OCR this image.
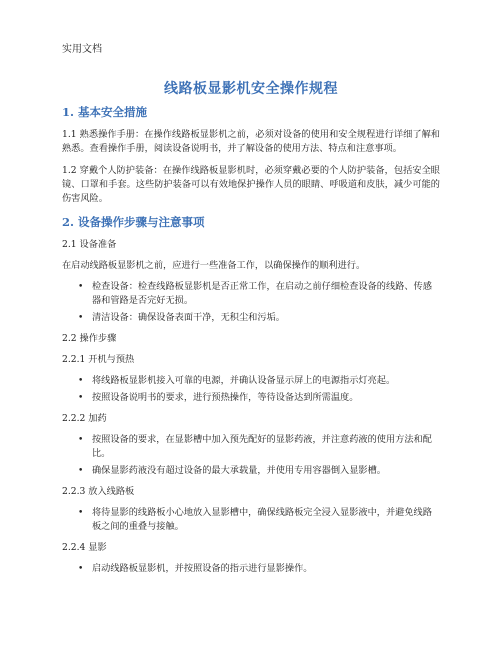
实用文档
线路板显影机安全操作规程
1. 基本安全措施

1.1 熟悉操作手册：在操作线路板显影机之前，必须对设备的使用和安全规程进行详细了解和熟悉。查看操作手册，阅读设备说明书，并了解设备的使用方法、特点和注意事项。

1.2 穿戴个人防护装备：在操作线路板显影机时，必须穿戴必要的个人防护装备，包括安全眼镜、口罩和手套。这些防护装备可以有效地保护操作人员的眼睛、呼吸道和皮肤，减少可能的伤害风险。

2. 设备操作步骤与注意事项

2.1 设备准备

在启动线路板显影机之前，应进行一些准备工作，以确保操作的顺利进行。

• 检查设备：检查线路板显影机是否正常工作，在启动之前仔细检查设备的线路、传感器和管路是否完好无损。
• 清洁设备：确保设备表面干净，无积尘和污垢。

2.2 操作步骤

2.2.1 开机与预热

• 将线路板显影机接入可靠的电源，并确认设备显示屏上的电源指示灯亮起。
• 按照设备说明书的要求，进行预热操作，等待设备达到所需温度。

2.2.2 加药

• 按照设备的要求，在显影槽中加入预先配好的显影药液，并注意药液的使用方法和配比。
• 确保显影药液没有超过设备的最大承载量，并使用专用容器倒入显影槽。

2.2.3 放入线路板

• 将待显影的线路板小心地放入显影槽中，确保线路板完全浸入显影液中，并避免线路板之间的重叠与接触。

2.2.4 显影

• 启动线路板显影机，并按照设备的指示进行显影操作。
